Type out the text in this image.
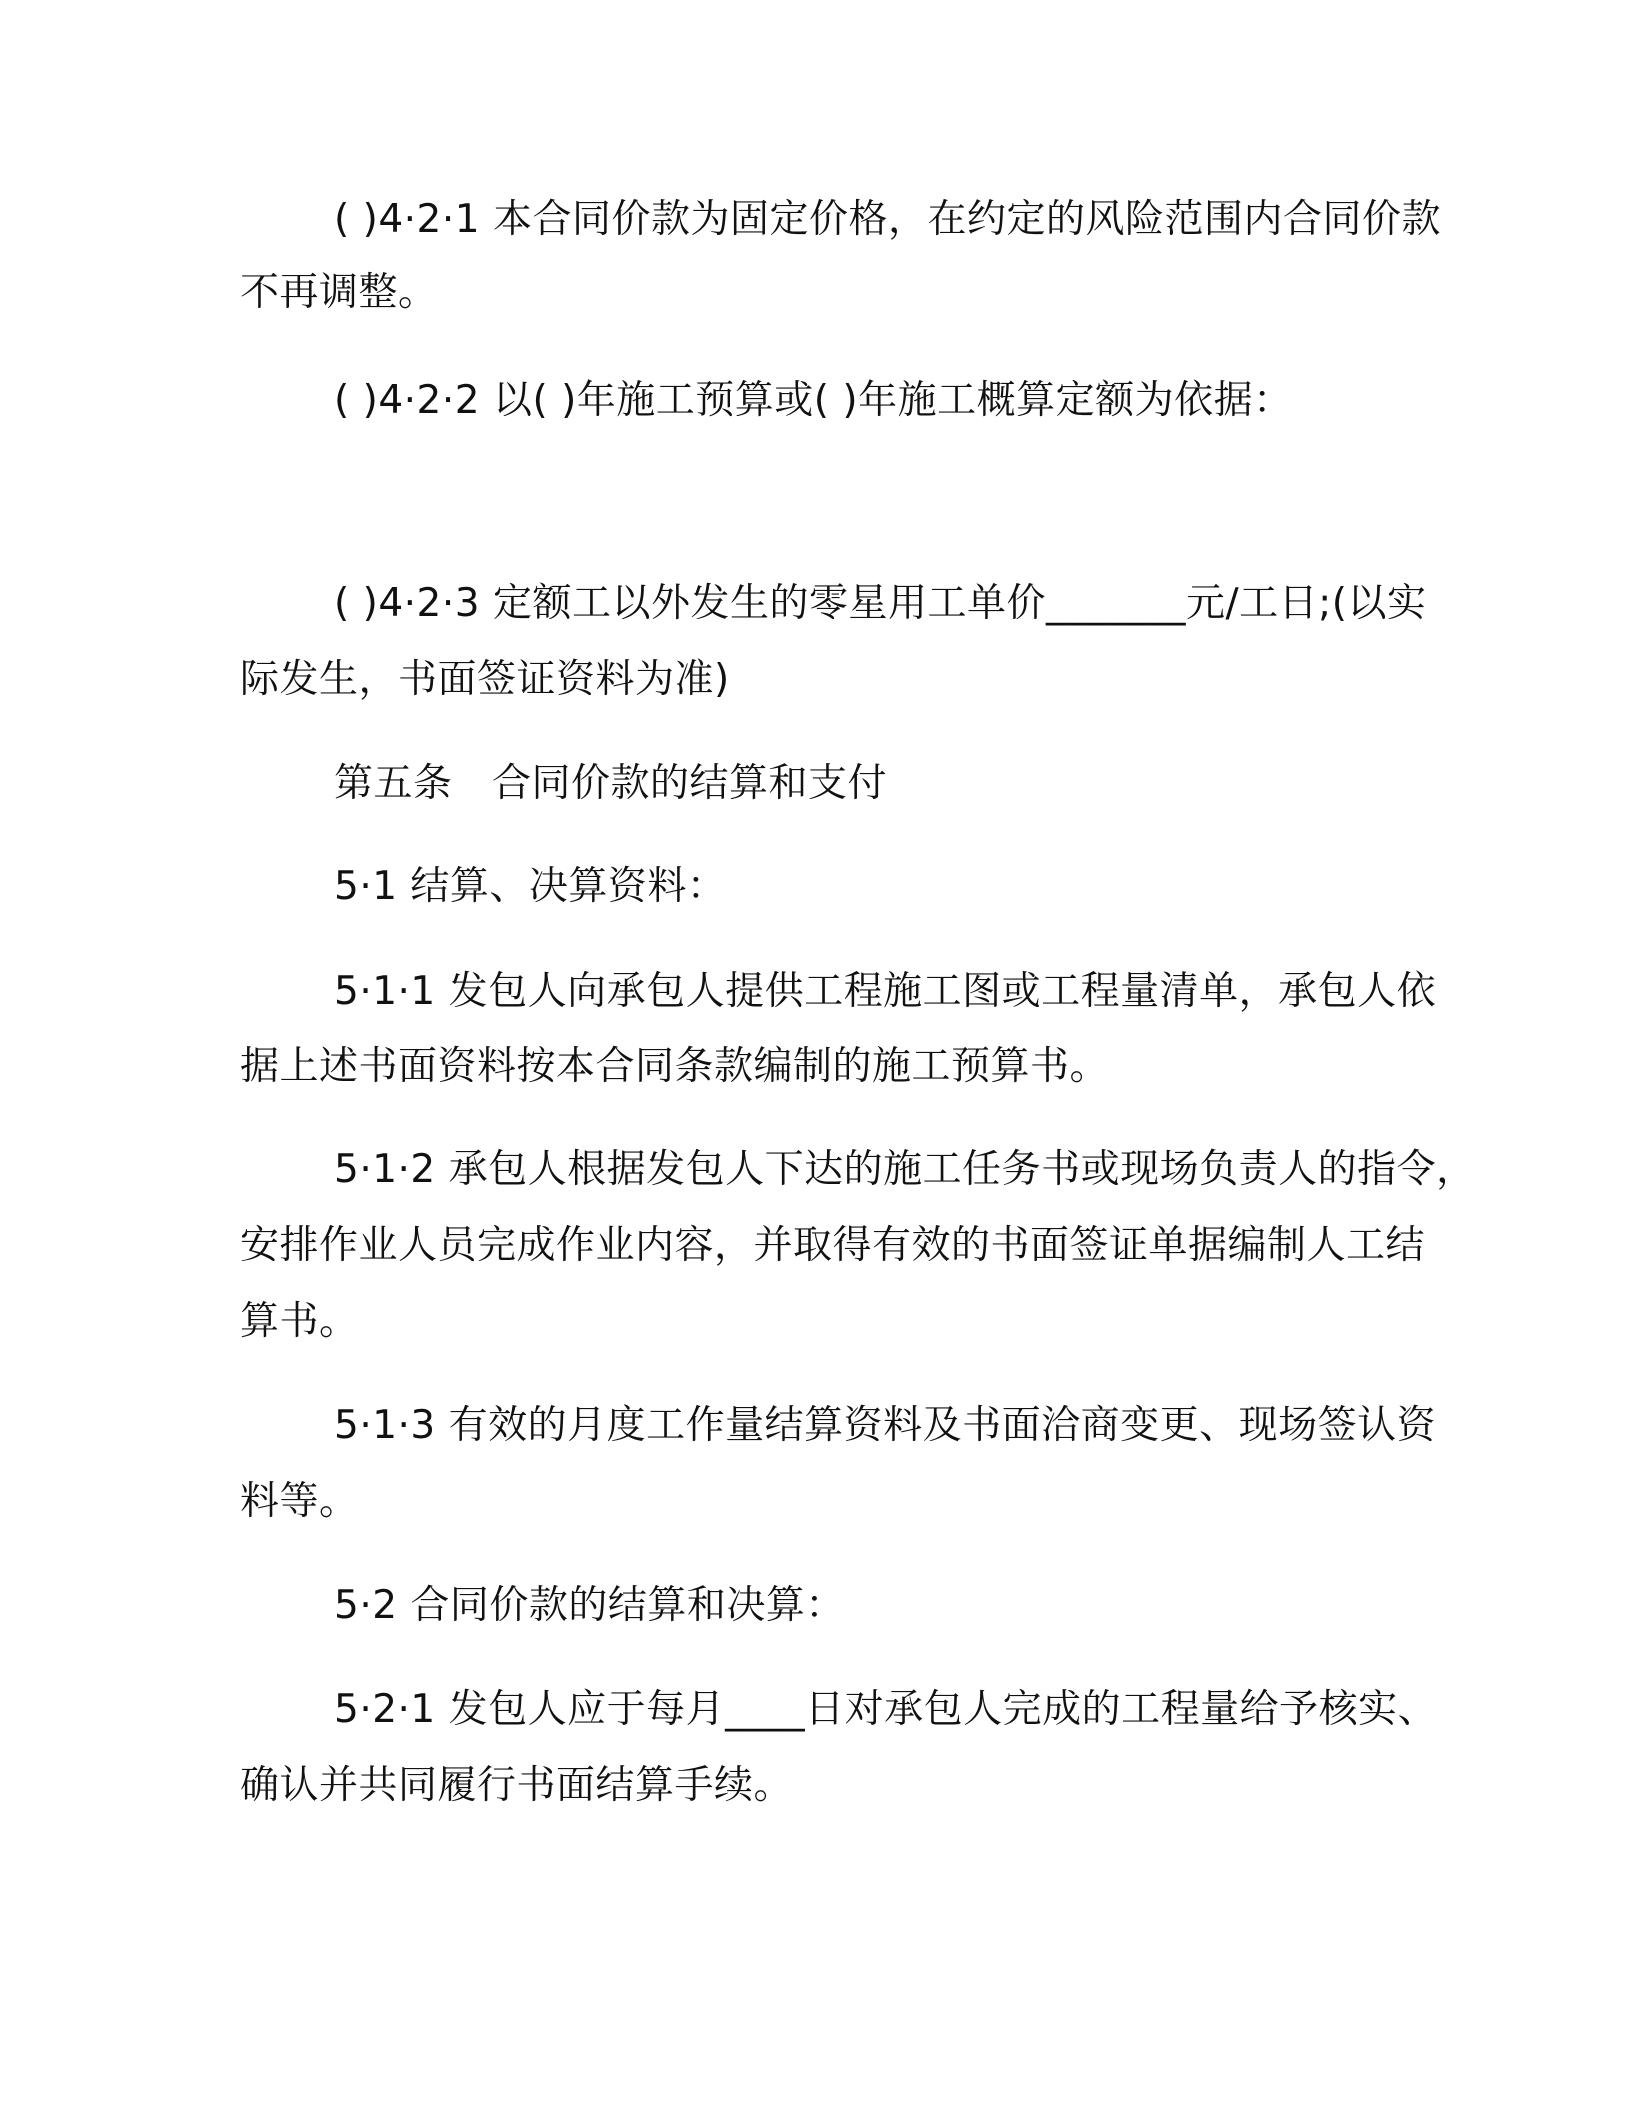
( )4·2·1 本合同价款为固定价格，在约定的风险范围内合同价款

不再调整。

( )4·2·2 以( )年施工预算或( )年施工概算定额为依据：

( )4·2·3 定额工以外发生的零星用工单价_______元/工日;(以实

际发生，书面签证资料为准)

第五条　合同价款的结算和支付

5·1 结算、决算资料：

5·1·1 发包人向承包人提供工程施工图或工程量清单，承包人依

据上述书面资料按本合同条款编制的施工预算书。

5·1·2 承包人根据发包人下达的施工任务书或现场负责人的指令，

安排作业人员完成作业内容，并取得有效的书面签证单据编制人工结

算书。

5·1·3 有效的月度工作量结算资料及书面洽商变更、现场签认资

料等。

5·2 合同价款的结算和决算：

5·2·1 发包人应于每月____日对承包人完成的工程量给予核实、

确认并共同履行书面结算手续。
